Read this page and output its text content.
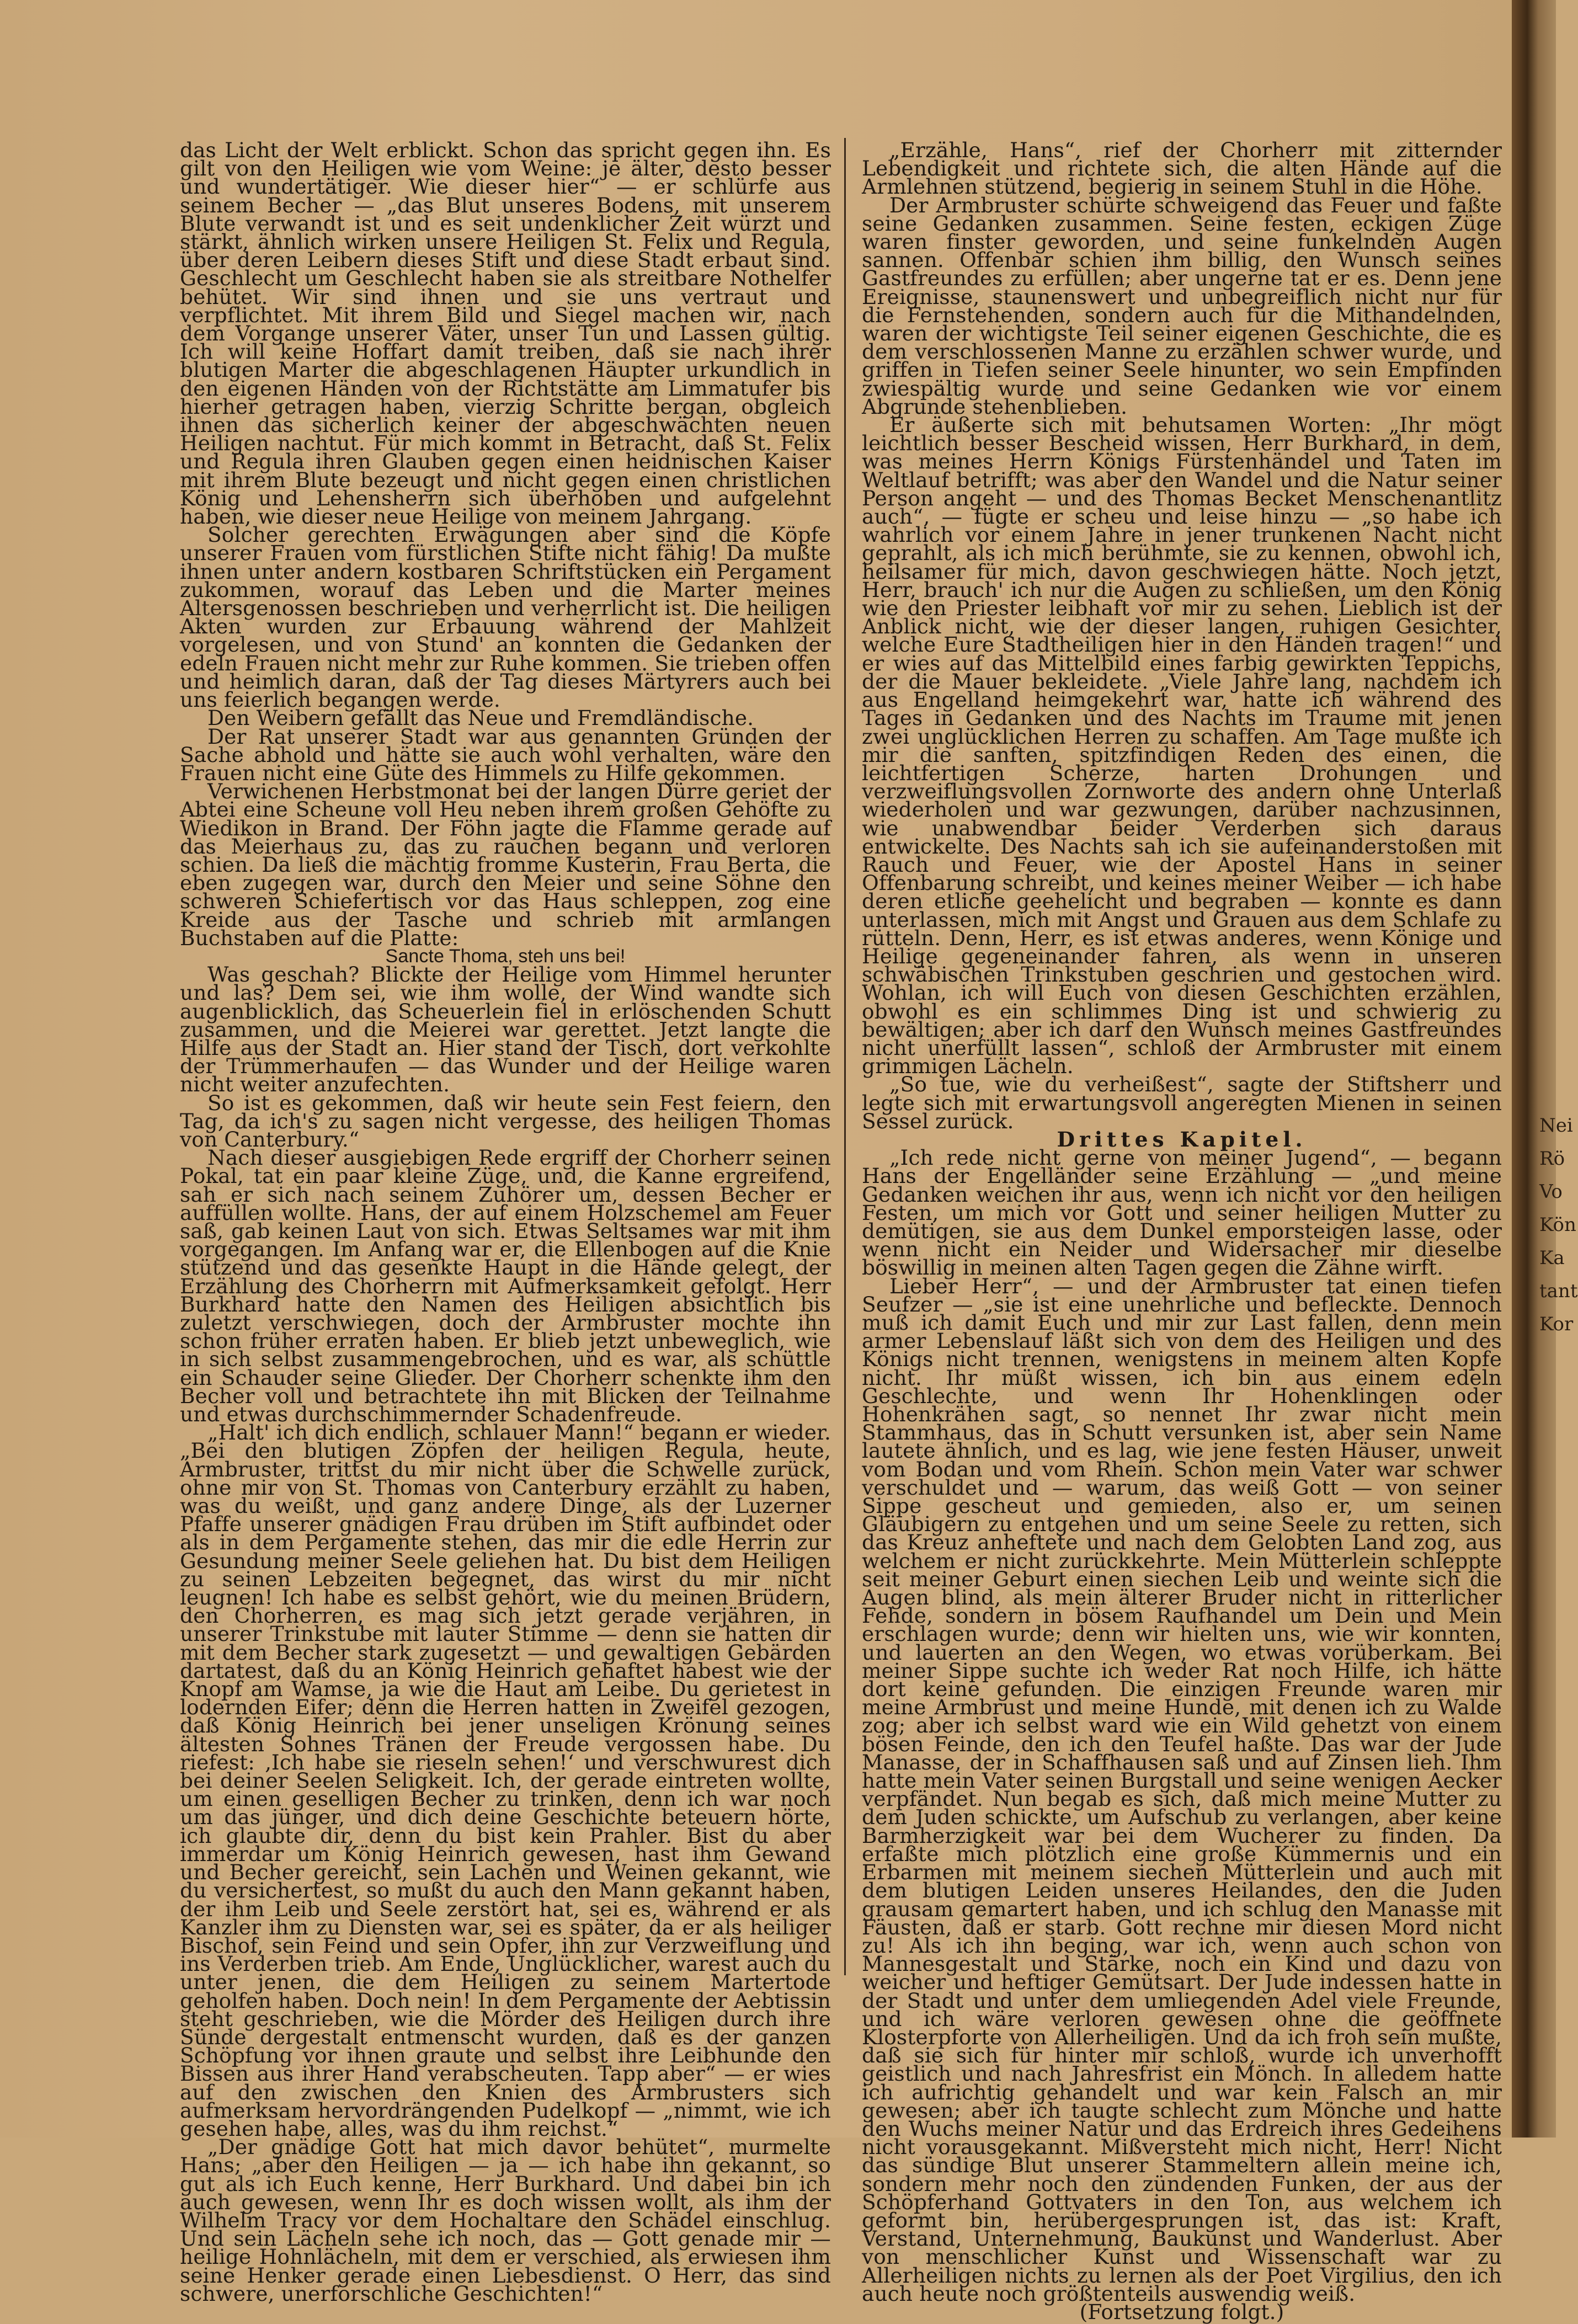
das Licht der Welt erblickt. Schon das spricht gegen ihn. Es gilt von den Heiligen wie vom Weine: je älter, desto besser und wundertätiger. Wie dieser hier“ — er schlürfe aus seinem Becher — „das Blut unseres Bodens, mit unserem Blute verwandt ist und es seit undenklicher Zeit würzt und stärkt, ähnlich wirken unsere Heiligen St. Felix und Regula, über deren Leibern dieses Stift und diese Stadt erbaut sind. Geschlecht um Geschlecht haben sie als streitbare Nothelfer behütet. Wir sind ihnen und sie uns vertraut und verpflichtet. Mit ihrem Bild und Siegel machen wir, nach dem Vorgange unserer Väter, unser Tun und Lassen gültig. Ich will keine Hoffart damit treiben, daß sie nach ihrer blutigen Marter die abgeschlagenen Häupter urkundlich in den eigenen Händen von der Richtstätte am Limmatufer bis hierher getragen haben, vierzig Schritte bergan, obgleich ihnen das sicherlich keiner der abgeschwächten neuen Heiligen nachtut. Für mich kommt in Betracht, daß St. Felix und Regula ihren Glauben gegen einen heidnischen Kaiser mit ihrem Blute bezeugt und nicht gegen einen christlichen König und Lehensherrn sich überhoben und aufgelehnt haben, wie dieser neue Heilige von meinem Jahrgang.

Solcher gerechten Erwägungen aber sind die Köpfe unserer Frauen vom fürstlichen Stifte nicht fähig! Da mußte ihnen unter andern kostbaren Schriftstücken ein Pergament zukommen, worauf das Leben und die Marter meines Altersgenossen beschrieben und verherrlicht ist. Die heiligen Akten wurden zur Erbauung während der Mahlzeit vorgelesen, und von Stund' an konnten die Gedanken der edeln Frauen nicht mehr zur Ruhe kommen. Sie trieben offen und heimlich daran, daß der Tag dieses Märtyrers auch bei uns feierlich begangen werde.

Den Weibern gefällt das Neue und Fremdländische.

Der Rat unserer Stadt war aus genannten Gründen der Sache abhold und hätte sie auch wohl verhalten, wäre den Frauen nicht eine Güte des Himmels zu Hilfe gekommen.

Verwichenen Herbstmonat bei der langen Dürre geriet der Abtei eine Scheune voll Heu neben ihrem großen Gehöfte zu Wiedikon in Brand. Der Föhn jagte die Flamme gerade auf das Meierhaus zu, das zu rauchen begann und verloren schien. Da ließ die mächtig fromme Kusterin, Frau Berta, die eben zugegen war, durch den Meier und seine Söhne den schweren Schiefertisch vor das Haus schleppen, zog eine Kreide aus der Tasche und schrieb mit armlangen Buchstaben auf die Platte:

Sancte Thoma, steh uns bei!

Was geschah? Blickte der Heilige vom Himmel herunter und las? Dem sei, wie ihm wolle, der Wind wandte sich augenblicklich, das Scheuerlein fiel in erlöschenden Schutt zusammen, und die Meierei war gerettet. Jetzt langte die Hilfe aus der Stadt an. Hier stand der Tisch, dort verkohlte der Trümmerhaufen — das Wunder und der Heilige waren nicht weiter anzufechten.

So ist es gekommen, daß wir heute sein Fest feiern, den Tag, da ich's zu sagen nicht vergesse, des heiligen Thomas von Canterbury.“

Nach dieser ausgiebigen Rede ergriff der Chorherr seinen Pokal, tat ein paar kleine Züge, und, die Kanne ergreifend, sah er sich nach seinem Zuhörer um, dessen Becher er auffüllen wollte. Hans, der auf einem Holzschemel am Feuer saß, gab keinen Laut von sich. Etwas Seltsames war mit ihm vorgegangen. Im Anfang war er, die Ellenbogen auf die Knie stützend und das gesenkte Haupt in die Hände gelegt, der Erzählung des Chorherrn mit Aufmerksamkeit gefolgt. Herr Burkhard hatte den Namen des Heiligen absichtlich bis zuletzt verschwiegen, doch der Armbruster mochte ihn schon früher erraten haben. Er blieb jetzt unbeweglich, wie in sich selbst zusammengebrochen, und es war, als schüttle ein Schauder seine Glieder. Der Chorherr schenkte ihm den Becher voll und betrachtete ihn mit Blicken der Teilnahme und etwas durchschimmernder Schadenfreude.

„Halt' ich dich endlich, schlauer Mann!“ begann er wieder. „Bei den blutigen Zöpfen der heiligen Regula, heute, Armbruster, trittst du mir nicht über die Schwelle zurück, ohne mir von St. Thomas von Canterbury erzählt zu haben, was du weißt, und ganz andere Dinge, als der Luzerner Pfaffe unserer gnädigen Frau drüben im Stift aufbindet oder als in dem Pergamente stehen, das mir die edle Herrin zur Gesundung meiner Seele geliehen hat. Du bist dem Heiligen zu seinen Lebzeiten begegnet, das wirst du mir nicht leugnen! Ich habe es selbst gehört, wie du meinen Brüdern, den Chorherren, es mag sich jetzt gerade verjähren, in unserer Trinkstube mit lauter Stimme — denn sie hatten dir mit dem Becher stark zugesetzt — und gewaltigen Gebärden dartatest, daß du an König Heinrich gehaftet habest wie der Knopf am Wamse, ja wie die Haut am Leibe. Du gerietest in lodernden Eifer; denn die Herren hatten in Zweifel gezogen, daß König Heinrich bei jener unseligen Krönung seines ältesten Sohnes Tränen der Freude vergossen habe. Du riefest: ‚Ich habe sie rieseln sehen!‘ und verschwurest dich bei deiner Seelen Seligkeit. Ich, der gerade eintreten wollte, um einen geselligen Becher zu trinken, denn ich war noch um das jünger, und dich deine Geschichte beteuern hörte, ich glaubte dir, denn du bist kein Prahler. Bist du aber immerdar um König Heinrich gewesen, hast ihm Gewand und Becher gereicht, sein Lachen und Weinen gekannt, wie du versichertest, so mußt du auch den Mann gekannt haben, der ihm Leib und Seele zerstört hat, sei es, während er als Kanzler ihm zu Diensten war, sei es später, da er als heiliger Bischof, sein Feind und sein Opfer, ihn zur Verzweiflung und ins Verderben trieb. Am Ende, Unglücklicher, warest auch du unter jenen, die dem Heiligen zu seinem Martertode geholfen haben. Doch nein! In dem Pergamente der Aebtissin steht geschrieben, wie die Mörder des Heiligen durch ihre Sünde dergestalt entmenscht wurden, daß es der ganzen Schöpfung vor ihnen graute und selbst ihre Leibhunde den Bissen aus ihrer Hand verabscheuten. Tapp aber“ — er wies auf den zwischen den Knien des Armbrusters sich aufmerksam hervordrängenden Pudelkopf — „nimmt, wie ich gesehen habe, alles, was du ihm reichst.“

„Der gnädige Gott hat mich davor behütet“, murmelte Hans; „aber den Heiligen — ja — ich habe ihn gekannt, so gut als ich Euch kenne, Herr Burkhard. Und dabei bin ich auch gewesen, wenn Ihr es doch wissen wollt, als ihm der Wilhelm Tracy vor dem Hochaltare den Schädel einschlug. Und sein Lächeln sehe ich noch, das — Gott genade mir — heilige Hohnlächeln, mit dem er verschied, als erwiesen ihm seine Henker gerade einen Liebesdienst. O Herr, das sind schwere, unerforschliche Geschichten!“

„Erzähle, Hans“, rief der Chorherr mit zitternder Lebendigkeit und richtete sich, die alten Hände auf die Armlehnen stützend, begierig in seinem Stuhl in die Höhe.

Der Armbruster schürte schweigend das Feuer und faßte seine Gedanken zusammen. Seine festen, eckigen Züge waren finster geworden, und seine funkelnden Augen sannen. Offenbar schien ihm billig, den Wunsch seines Gastfreundes zu erfüllen; aber ungerne tat er es. Denn jene Ereignisse, staunenswert und unbegreiflich nicht nur für die Fernstehenden, sondern auch für die Mithandelnden, waren der wichtigste Teil seiner eigenen Geschichte, die es dem verschlossenen Manne zu erzählen schwer wurde, und griffen in Tiefen seiner Seele hinunter, wo sein Empfinden zwiespältig wurde und seine Gedanken wie vor einem Abgrunde stehenblieben.

Er äußerte sich mit behutsamen Worten: „Ihr mögt leichtlich besser Bescheid wissen, Herr Burkhard, in dem, was meines Herrn Königs Fürstenhändel und Taten im Weltlauf betrifft; was aber den Wandel und die Natur seiner Person angeht — und des Thomas Becket Menschenantlitz auch“, — fügte er scheu und leise hinzu — „so habe ich wahrlich vor einem Jahre in jener trunkenen Nacht nicht geprahlt, als ich mich berühmte, sie zu kennen, obwohl ich, heilsamer für mich, davon geschwiegen hätte. Noch jetzt, Herr, brauch' ich nur die Augen zu schließen, um den König wie den Priester leibhaft vor mir zu sehen. Lieblich ist der Anblick nicht, wie der dieser langen, ruhigen Gesichter, welche Eure Stadtheiligen hier in den Händen tragen!“ und er wies auf das Mittelbild eines farbig gewirkten Teppichs, der die Mauer bekleidete. „Viele Jahre lang, nachdem ich aus Engelland heimgekehrt war, hatte ich während des Tages in Gedanken und des Nachts im Traume mit jenen zwei unglücklichen Herren zu schaffen. Am Tage mußte ich mir die sanften, spitzfindigen Reden des einen, die leichtfertigen Scherze, harten Drohungen und verzweiflungsvollen Zornworte des andern ohne Unterlaß wiederholen und war gezwungen, darüber nachzusinnen, wie unabwendbar beider Verderben sich daraus entwickelte. Des Nachts sah ich sie aufeinanderstoßen mit Rauch und Feuer, wie der Apostel Hans in seiner Offenbarung schreibt, und keines meiner Weiber — ich habe deren etliche geehelicht und begraben — konnte es dann unterlassen, mich mit Angst und Grauen aus dem Schlafe zu rütteln. Denn, Herr, es ist etwas anderes, wenn Könige und Heilige gegeneinander fahren, als wenn in unseren schwäbischen Trinkstuben geschrien und gestochen wird. Wohlan, ich will Euch von diesen Geschichten erzählen, obwohl es ein schlimmes Ding ist und schwierig zu bewältigen; aber ich darf den Wunsch meines Gastfreundes nicht unerfüllt lassen“, schloß der Armbruster mit einem grimmigen Lächeln.

„So tue, wie du verheißest“, sagte der Stiftsherr und legte sich mit erwartungsvoll angeregten Mienen in seinen Sessel zurück.

Drittes Kapitel.

„Ich rede nicht gerne von meiner Jugend“, — begann Hans der Engelländer seine Erzählung — „und meine Gedanken weichen ihr aus, wenn ich nicht vor den heiligen Festen, um mich vor Gott und seiner heiligen Mutter zu demütigen, sie aus dem Dunkel emporsteigen lasse, oder wenn nicht ein Neider und Widersacher mir dieselbe böswillig in meinen alten Tagen gegen die Zähne wirft.

Lieber Herr“, — und der Armbruster tat einen tiefen Seufzer — „sie ist eine unehrliche und befleckte. Dennoch muß ich damit Euch und mir zur Last fallen, denn mein armer Lebenslauf läßt sich von dem des Heiligen und des Königs nicht trennen, wenigstens in meinem alten Kopfe nicht. Ihr müßt wissen, ich bin aus einem edeln Geschlechte, und wenn Ihr Hohenklingen oder Hohenkrähen sagt, so nennet Ihr zwar nicht mein Stammhaus, das in Schutt versunken ist, aber sein Name lautete ähnlich, und es lag, wie jene festen Häuser, unweit vom Bodan und vom Rhein. Schon mein Vater war schwer verschuldet und — warum, das weiß Gott — von seiner Sippe gescheut und gemieden, also er, um seinen Gläubigern zu entgehen und um seine Seele zu retten, sich das Kreuz anheftete und nach dem Gelobten Land zog, aus welchem er nicht zurückkehrte. Mein Mütterlein schleppte seit meiner Geburt einen siechen Leib und weinte sich die Augen blind, als mein älterer Bruder nicht in ritterlicher Fehde, sondern in bösem Raufhandel um Dein und Mein erschlagen wurde; denn wir hielten uns, wie wir konnten, und lauerten an den Wegen, wo etwas vorüberkam. Bei meiner Sippe suchte ich weder Rat noch Hilfe, ich hätte dort keine gefunden. Die einzigen Freunde waren mir meine Armbrust und meine Hunde, mit denen ich zu Walde zog; aber ich selbst ward wie ein Wild gehetzt von einem bösen Feinde, den ich den Teufel haßte. Das war der Jude Manasse, der in Schaffhausen saß und auf Zinsen lieh. Ihm hatte mein Vater seinen Burgstall und seine wenigen Aecker verpfändet. Nun begab es sich, daß mich meine Mutter zu dem Juden schickte, um Aufschub zu verlangen, aber keine Barmherzigkeit war bei dem Wucherer zu finden. Da erfaßte mich plötzlich eine große Kümmernis und ein Erbarmen mit meinem siechen Mütterlein und auch mit dem blutigen Leiden unseres Heilandes, den die Juden grausam gemartert haben, und ich schlug den Manasse mit Fäusten, daß er starb. Gott rechne mir diesen Mord nicht zu! Als ich ihn beging, war ich, wenn auch schon von Mannesgestalt und Stärke, noch ein Kind und dazu von weicher und heftiger Gemütsart. Der Jude indessen hatte in der Stadt und unter dem umliegenden Adel viele Freunde, und ich wäre verloren gewesen ohne die geöffnete Klosterpforte von Allerheiligen. Und da ich froh sein mußte, daß sie sich für hinter mir schloß, wurde ich unverhofft geistlich und nach Jahresfrist ein Mönch. In alledem hatte ich aufrichtig gehandelt und war kein Falsch an mir gewesen; aber ich taugte schlecht zum Mönche und hatte den Wuchs meiner Natur und das Erdreich ihres Gedeihens nicht vorausgekannt. Mißversteht mich nicht, Herr! Nicht das sündige Blut unserer Stammeltern allein meine ich, sondern mehr noch den zündenden Funken, der aus der Schöpferhand Gottvaters in den Ton, aus welchem ich geformt bin, herübergesprungen ist, das ist: Kraft, Verstand, Unternehmung, Baukunst und Wanderlust. Aber von menschlicher Kunst und Wissenschaft war zu Allerheiligen nichts zu lernen als der Poet Virgilius, den ich auch heute noch größtenteils auswendig weiß.

(Fortsetzung folgt.)

Nei
Rö
Vo
Kön
Ka
tant
Kor
